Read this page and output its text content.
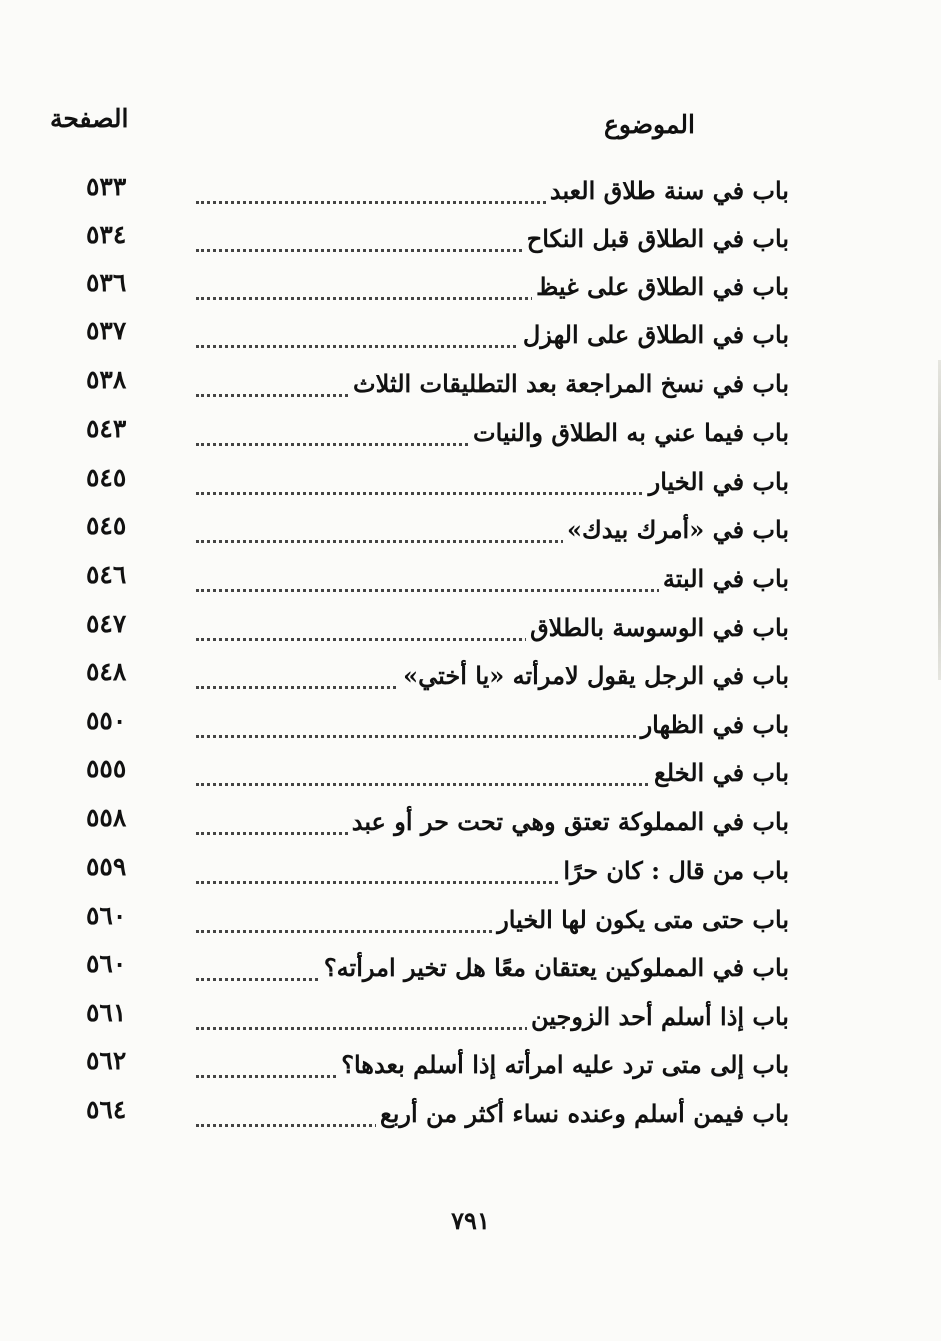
الموضوع
الصفحة
باب في سنة طلاق العبد
٥٣٣
باب في الطلاق قبل النكاح
٥٣٤
باب في الطلاق على غيظ
٥٣٦
باب في الطلاق على الهزل
٥٣٧
باب في نسخ المراجعة بعد التطليقات الثلاث
٥٣٨
باب فيما عني به الطلاق والنيات
٥٤٣
باب في الخيار
٥٤٥
باب في «أمرك بيدك»
٥٤٥
باب في البتة
٥٤٦
باب في الوسوسة بالطلاق
٥٤٧
باب في الرجل يقول لامرأته «يا أختي»
٥٤٨
باب في الظهار
٥٥٠
باب في الخلع
٥٥٥
باب في المملوكة تعتق وهي تحت حر أو عبد
٥٥٨
باب من قال : كان حرًا
٥٥٩
باب حتى متى يكون لها الخيار
٥٦٠
باب في المملوكين يعتقان معًا هل تخير امرأته؟
٥٦٠
باب إذا أسلم أحد الزوجين
٥٦١
باب إلى متى ترد عليه امرأته إذا أسلم بعدها؟
٥٦٢
باب فيمن أسلم وعنده نساء أكثر من أربع
٥٦٤
٧٩١
